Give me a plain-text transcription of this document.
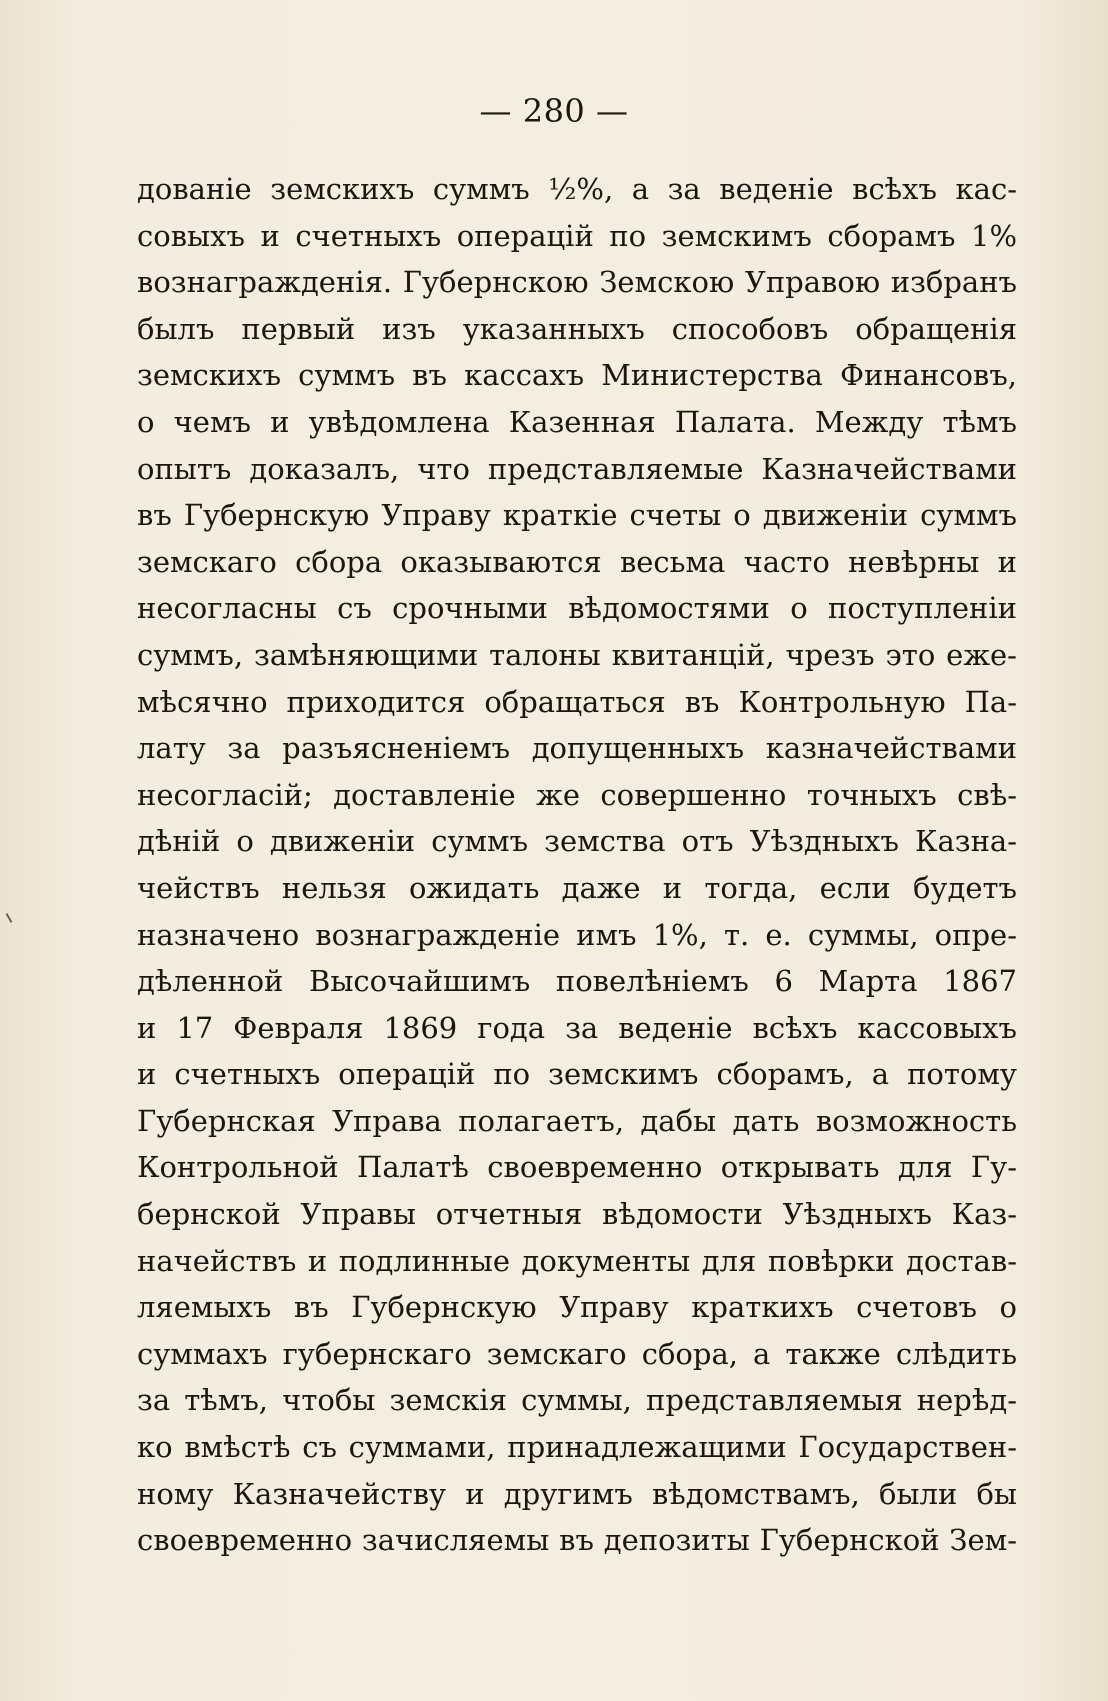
— 280 —
дованіе земскихъ суммъ ½%, а за веденіе всѣхъ кас-
совыхъ и счетныхъ операцій по земскимъ сборамъ 1%
вознагражденія. Губернскою Земскою Управою избранъ
былъ первый изъ указанныхъ способовъ обращенія
земскихъ суммъ въ кассахъ Министерства Финансовъ,
о чемъ и увѣдомлена Казенная Палата. Между тѣмъ
опытъ доказалъ, что представляемые Казначействами
въ Губернскую Управу краткіе счеты о движеніи суммъ
земскаго сбора оказываются весьма часто невѣрны и
несогласны съ срочными вѣдомостями о поступленіи
суммъ, замѣняющими талоны квитанцій, чрезъ это еже-
мѣсячно приходится обращаться въ Контрольную Па-
лату за разъясненіемъ допущенныхъ казначействами
несогласій; доставленіе же совершенно точныхъ свѣ-
дѣній о движеніи суммъ земства отъ Уѣздныхъ Казна-
чействъ нельзя ожидать даже и тогда, если будетъ
назначено вознагражденіе имъ 1%, т. е. суммы, опре-
дѣленной Высочайшимъ повелѣніемъ 6 Марта 1867
и 17 Февраля 1869 года за веденіе всѣхъ кассовыхъ
и счетныхъ операцій по земскимъ сборамъ, а потому
Губернская Управа полагаетъ, дабы дать возможность
Контрольной Палатѣ своевременно открывать для Гу-
бернской Управы отчетныя вѣдомости Уѣздныхъ Каз-
начействъ и подлинные документы для повѣрки достав-
ляемыхъ въ Губернскую Управу краткихъ счетовъ о
суммахъ губернскаго земскаго сбора, а также слѣдить
за тѣмъ, чтобы земскія суммы, представляемыя нерѣд-
ко вмѣстѣ съ суммами, принадлежащими Государствен-
ному Казначейству и другимъ вѣдомствамъ, были бы
своевременно зачисляемы въ депозиты Губернской Зем-
